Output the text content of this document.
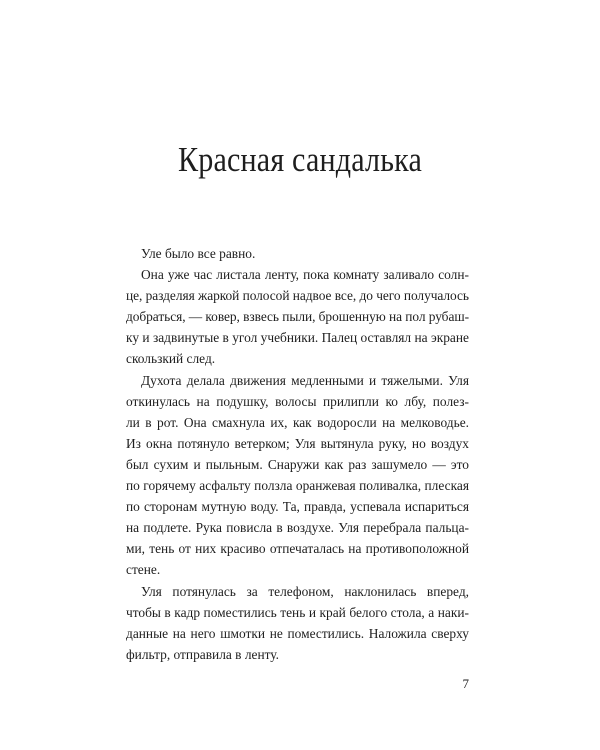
Красная сандалька

Уле было все равно.

Она уже час листала ленту, пока комнату заливало солн-
це, разделяя жаркой полосой надвое все, до чего получалось
добраться, — ковер, взвесь пыли, брошенную на пол рубаш-
ку и задвинутые в угол учебники. Палец оставлял на экране
скользкий след.

Духота делала движения медленными и тяжелыми. Уля
откинулась на подушку, волосы прилипли ко лбу, полез-
ли в рот. Она смахнула их, как водоросли на мелководье.
Из окна потянуло ветерком; Уля вытянула руку, но воздух
был сухим и пыльным. Снаружи как раз зашумело — это
по горячему асфальту ползла оранжевая поливалка, плеская
по сторонам мутную воду. Та, правда, успевала испариться
на подлете. Рука повисла в воздухе. Уля перебрала пальца-
ми, тень от них красиво отпечаталась на противоположной
стене.

Уля потянулась за телефоном, наклонилась вперед,
чтобы в кадр поместились тень и край белого стола, а наки-
данные на него шмотки не поместились. Наложила сверху
фильтр, отправила в ленту.

7
